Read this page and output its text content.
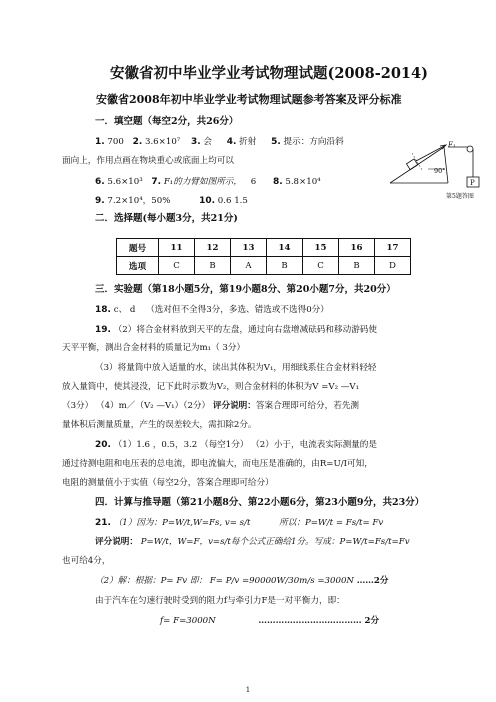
安徽省初中毕业学业考试物理试题(2008-2014)
安徽省2008年初中毕业学业考试物理试题参考答案及评分标准
一．填空题（每空2分，共26分）
1. 700 2. 3.6×10⁷ 3. 会 4. 折射 5. 提示：方向沿斜
面向上，作用点画在物块重心或底面上均可以
6. 5.6×10³ 7. F₁的力臂如图所示， 6 8. 5.8×10⁴
9. 7.2×10⁴，50%	10. 0.6 1.5
F₁
90°
P
第5题答图
二．选择题(每小题3分，共21分)
题号	11	12	13	14	15	16	17
选项	C	B	A	B	C	B	D
三．实验题（第18小题5分，第19小题8分、第20小题7分，共20分）
18. c、 d （选对但不全得3分，多选、错选或不选得0分）
19. （2）将合金材料放到天平的左盘，通过向右盘增减砝码和移动游码使
天平平衡，测出合金材料的质量记为m₁（ 3分）
（3）将量筒中放入适量的水，读出其体积为V₁，用细线系住合金材料轻轻
放入量筒中，使其浸没，记下此时示数为V₂，则合金材料的体积为V =V₂ —V₁
（3分） （4）m／（V₂ —V₁）（2分） 评分说明：答案合理即可给分，若先测
量体积后测量质量，产生的误差较大，需扣除2分。
20. （1）1.6 ，0.5，3.2 （每空1分） （2）小于，电流表实际测量的是
通过待测电阻和电压表的总电流，即电流偏大，而电压是准确的，由R=U/I可知，
电阻的测量值小于实值（每空2分，答案合理即可给分）
四．计算与推导题（第21小题8分、第22小题6分，第23小题9分，共23分）
21. （1）因为：P=W/t,W=Fs, v= s/t	所以：P=W/t = Fs/t= Fv
评分说明： P=W/t，W=F，v=s/t每个公式正确给1分。写成：P=W/t=Fs/t=Fv
也可给4分，
（2）解：根据：P= Fv 即： F= P/v =90000W/30m/s =3000N ……2分
由于汽车在匀速行驶时受到的阻力f与牵引力F是一对平衡力，即：
f= F=3000N	……………………………… 2分
1
